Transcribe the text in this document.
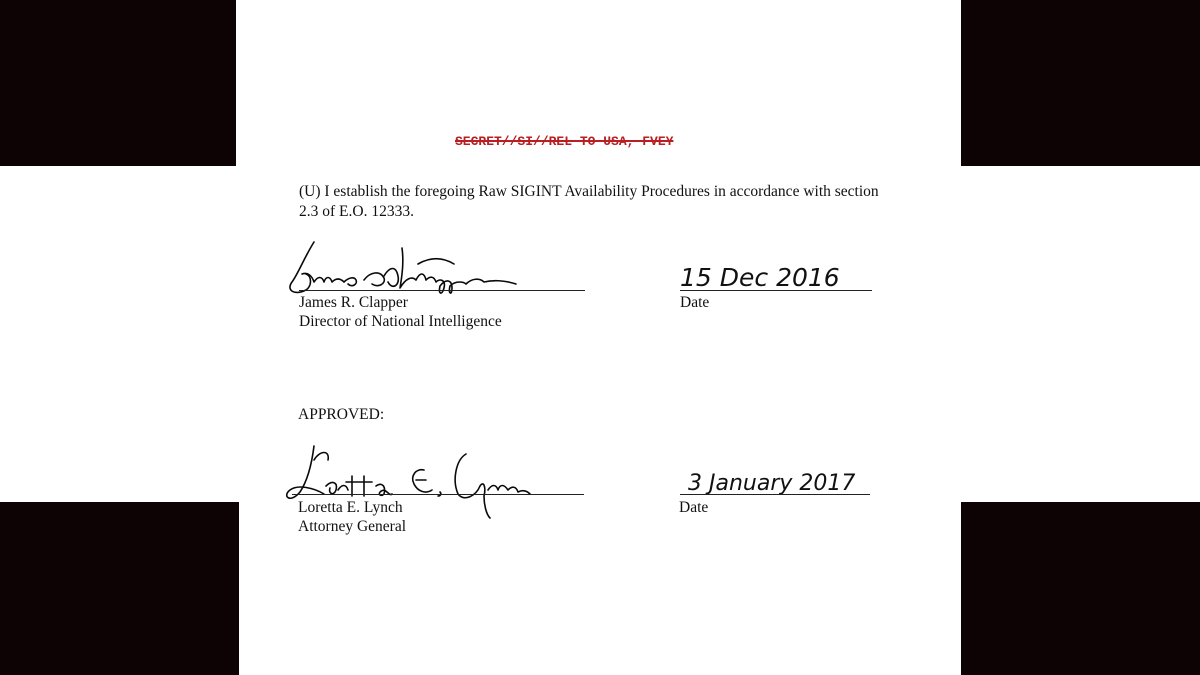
SECRET//SI//REL TO USA, FVEY
(U) I establish the foregoing Raw SIGINT Availability Procedures in accordance with section 2.3 of E.O. 12333.
James R. Clapper
Director of National Intelligence
15 Dec 2016
Date
APPROVED:
Loretta E. Lynch
Attorney General
3 January 2017
Date
